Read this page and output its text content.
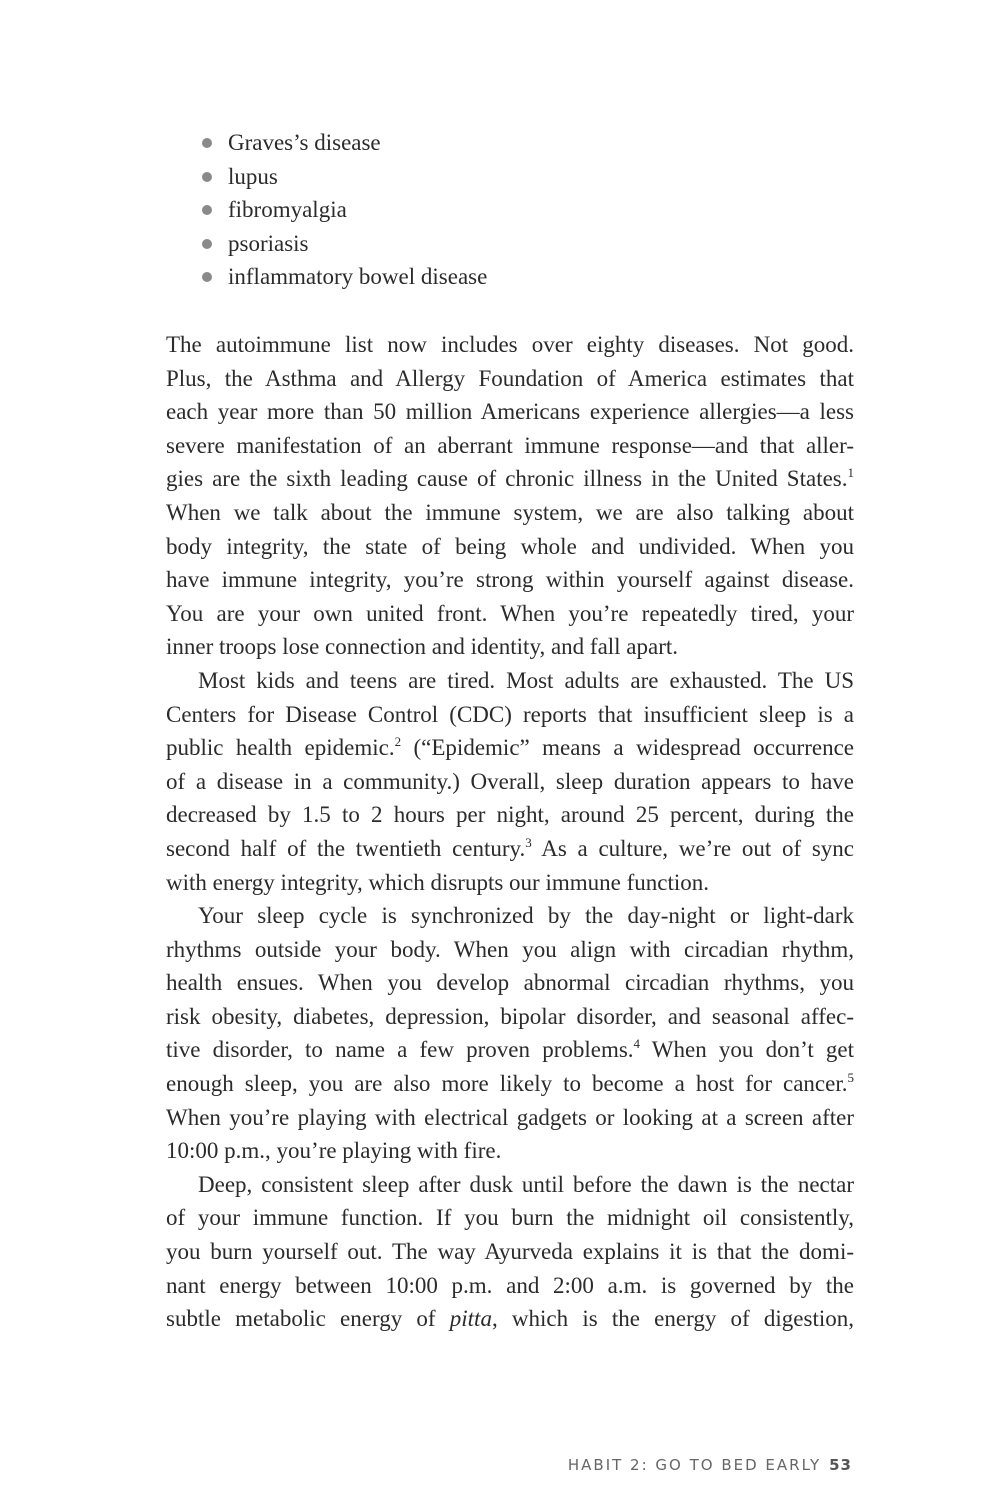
Graves’s disease
lupus
fibromyalgia
psoriasis
inflammatory bowel disease

The autoimmune list now includes over eighty diseases. Not good.
Plus, the Asthma and Allergy Foundation of America estimates that
each year more than 50 million Americans experience allergies—a less
severe manifestation of an aberrant immune response—and that aller-
gies are the sixth leading cause of chronic illness in the United States.$^1$
When we talk about the immune system, we are also talking about
body integrity, the state of being whole and undivided. When you
have immune integrity, you’re strong within yourself against disease.
You are your own united front. When you’re repeatedly tired, your
inner troops lose connection and identity, and fall apart.

Most kids and teens are tired. Most adults are exhausted. The US
Centers for Disease Control (CDC) reports that insufficient sleep is a
public health epidemic.$^2$ (“Epidemic” means a widespread occurrence
of a disease in a community.) Overall, sleep duration appears to have
decreased by 1.5 to 2 hours per night, around 25 percent, during the
second half of the twentieth century.$^3$ As a culture, we’re out of sync
with energy integrity, which disrupts our immune function.

Your sleep cycle is synchronized by the day-night or light-dark
rhythms outside your body. When you align with circadian rhythm,
health ensues. When you develop abnormal circadian rhythms, you
risk obesity, diabetes, depression, bipolar disorder, and seasonal affec-
tive disorder, to name a few proven problems.$^4$ When you don’t get
enough sleep, you are also more likely to become a host for cancer.$^5$
When you’re playing with electrical gadgets or looking at a screen after
10:00 p.m., you’re playing with fire.

Deep, consistent sleep after dusk until before the dawn is the nectar
of your immune function. If you burn the midnight oil consistently,
you burn yourself out. The way Ayurveda explains it is that the domi-
nant energy between 10:00 p.m. and 2:00 a.m. is governed by the
subtle metabolic energy of pitta, which is the energy of digestion,

HABIT 2: GO TO BED EARLY 53
